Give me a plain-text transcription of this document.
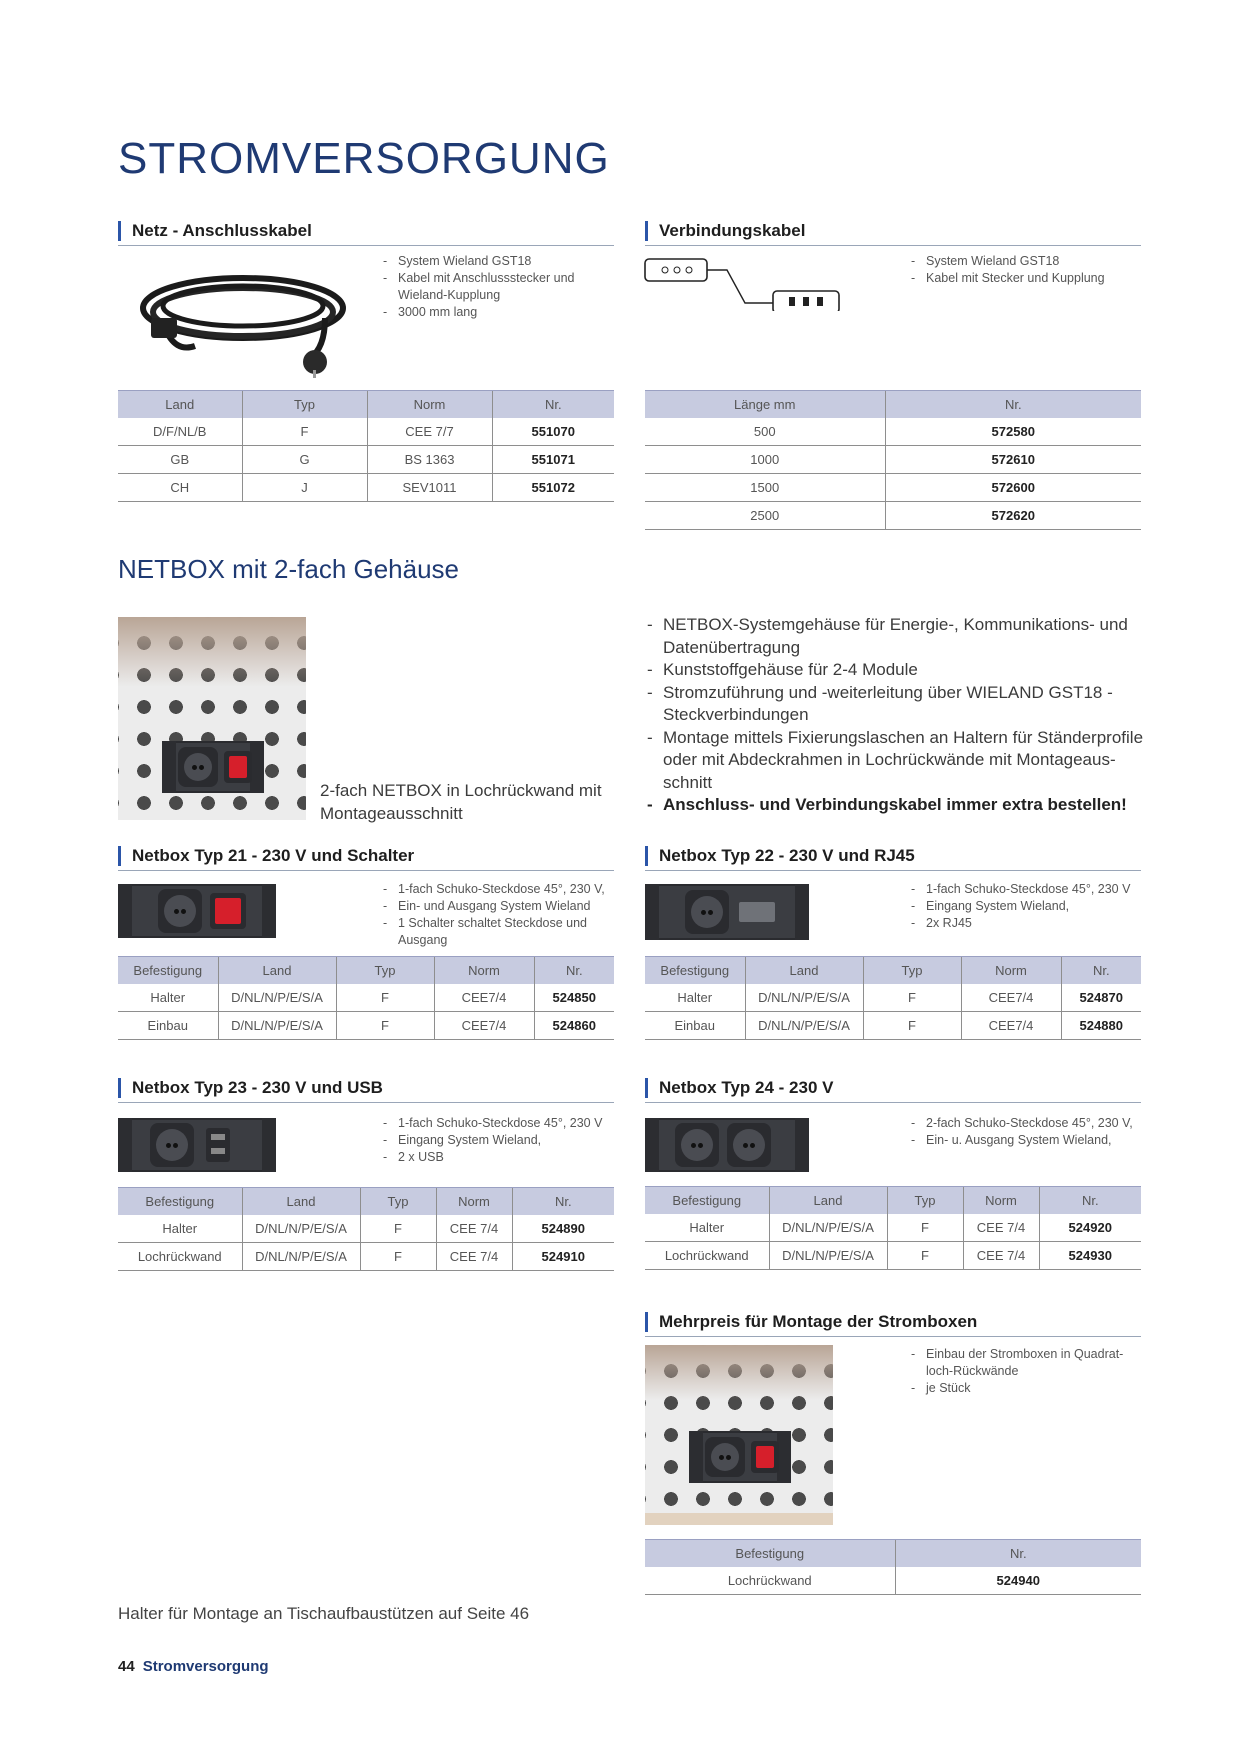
STROMVERSORGUNG
Netz - Anschlusskabel
- System Wieland GST18
- Kabel mit Anschlussstecker und Wieland-Kupplung
- 3000 mm lang
Land	Typ	Norm	Nr.
D/F/NL/B	F	CEE 7/7	551070
GB	G	BS 1363	551071
CH	J	SEV1011	551072
Verbindungskabel
- System Wieland GST18
- Kabel mit Stecker und Kupplung
Länge mm	Nr.
500	572580
1000	572610
1500	572600
2500	572620
NETBOX mit 2-fach Gehäuse
2-fach NETBOX in Lochrückwand mit
Montageausschnitt
- NETBOX-Systemgehäuse für Energie-, Kommunikations- und Datenübertragung
- Kunststoffgehäuse für 2-4 Module
- Stromzuführung und -weiterleitung über WIELAND GST18 - Steckverbindungen
- Montage mittels Fixierungslaschen an Haltern für Ständerprofile oder mit Abdeckrahmen in Lochrückwände mit Montageaus-schnitt
- Anschluss- und Verbindungskabel immer extra bestellen!
Netbox Typ 21 - 230 V und Schalter
- 1-fach Schuko-Steckdose 45°, 230 V,
- Ein- und Ausgang System Wieland
- 1 Schalter schaltet Steckdose und Ausgang
Befestigung	Land	Typ	Norm	Nr.
Halter	D/NL/N/P/E/S/A	F	CEE7/4	524850
Einbau	D/NL/N/P/E/S/A	F	CEE7/4	524860
Netbox Typ 22 - 230 V und RJ45
- 1-fach Schuko-Steckdose 45°, 230 V
- Eingang System Wieland,
- 2x RJ45
Befestigung	Land	Typ	Norm	Nr.
Halter	D/NL/N/P/E/S/A	F	CEE7/4	524870
Einbau	D/NL/N/P/E/S/A	F	CEE7/4	524880
Netbox Typ 23 - 230 V und USB
- 1-fach Schuko-Steckdose 45°, 230 V
- Eingang System Wieland,
- 2 x USB
Befestigung	Land	Typ	Norm	Nr.
Halter	D/NL/N/P/E/S/A	F	CEE 7/4	524890
Lochrückwand	D/NL/N/P/E/S/A	F	CEE 7/4	524910
Netbox Typ 24 - 230 V
- 2-fach Schuko-Steckdose 45°, 230 V,
- Ein- u. Ausgang System Wieland,
Befestigung	Land	Typ	Norm	Nr.
Halter	D/NL/N/P/E/S/A	F	CEE 7/4	524920
Lochrückwand	D/NL/N/P/E/S/A	F	CEE 7/4	524930
Mehrpreis für Montage der Stromboxen
- Einbau der Stromboxen in Quadrat-loch-Rückwände
- je Stück
Befestigung	Nr.
Lochrückwand	524940
Halter für Montage an Tischaufbaustützen auf Seite 46
44 Stromversorgung
